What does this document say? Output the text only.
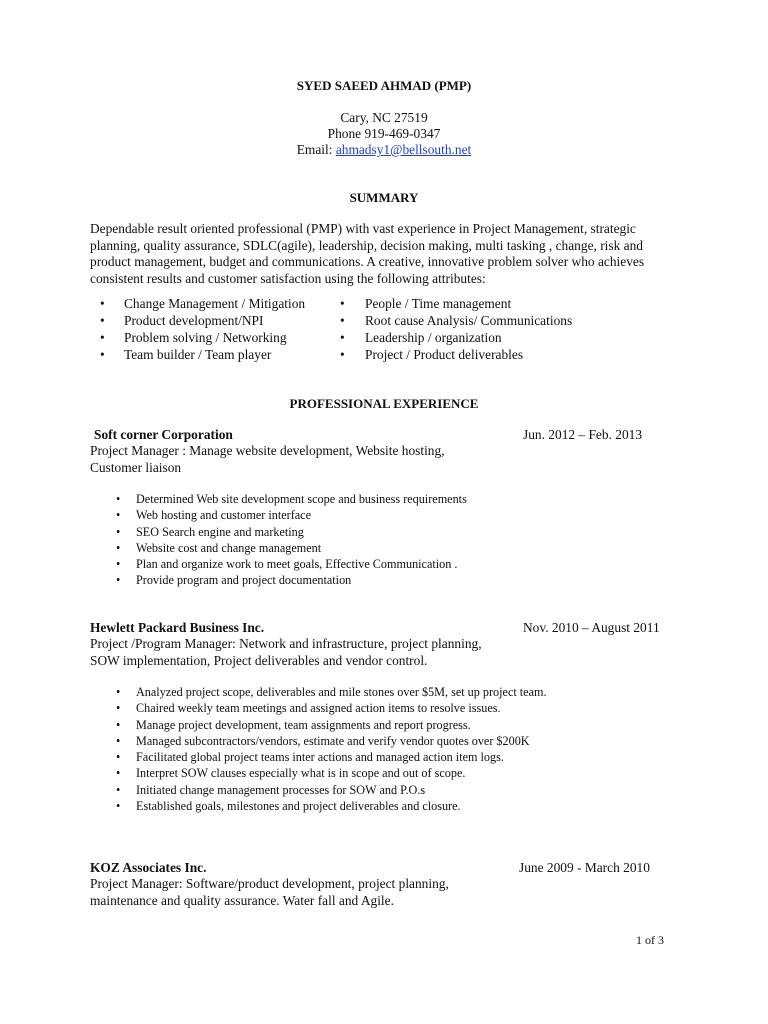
SYED SAEED AHMAD (PMP)
Cary, NC 27519
Phone 919-469-0347
Email: ahmadsy1@bellsouth.net
SUMMARY
Dependable result oriented professional (PMP) with vast experience in Project Management, strategic
planning, quality assurance, SDLC(agile), leadership, decision making, multi tasking , change, risk and
product management, budget and communications. A creative, innovative problem solver who achieves
consistent results and customer satisfaction using the following attributes:
• Change Management / Mitigation
• Product development/NPI
• Problem solving / Networking
• Team builder / Team player
• People / Time management
• Root cause Analysis/ Communications
• Leadership / organization
• Project / Product deliverables
PROFESSIONAL EXPERIENCE
Soft corner Corporation	Jun. 2012 – Feb. 2013
Project Manager : Manage website development, Website hosting,
Customer liaison
• Determined Web site development scope and business requirements
• Web hosting and customer interface
• SEO Search engine and marketing
• Website cost and change management
• Plan and organize work to meet goals, Effective Communication .
• Provide program and project documentation
Hewlett Packard Business Inc.	Nov. 2010 – August 2011
Project /Program Manager: Network and infrastructure, project planning,
SOW implementation, Project deliverables and vendor control.
• Analyzed project scope, deliverables and mile stones over $5M, set up project team.
• Chaired weekly team meetings and assigned action items to resolve issues.
• Manage project development, team assignments and report progress.
• Managed subcontractors/vendors, estimate and verify vendor quotes over $200K
• Facilitated global project teams inter actions and managed action item logs.
• Interpret SOW clauses especially what is in scope and out of scope.
• Initiated change management processes for SOW and P.O.s
• Established goals, milestones and project deliverables and closure.
KOZ Associates Inc.	June 2009 - March 2010
Project Manager: Software/product development, project planning,
maintenance and quality assurance. Water fall and Agile.
1 of 3
